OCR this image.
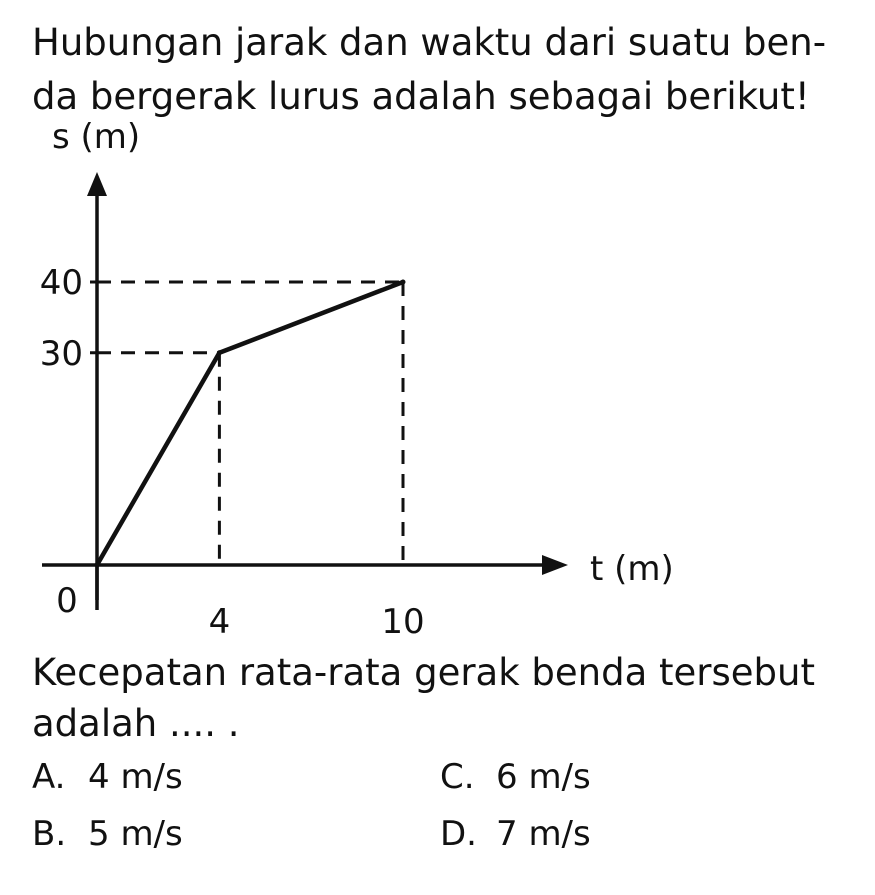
Hubungan jarak dan waktu dari suatu ben-
da bergerak lurus adalah sebagai berikut!
s (m)
t (m)
0
30
40
4	10
Kecepatan rata-rata gerak benda tersebut
adalah .... .
A. 4 m/s
B. 5 m/s
C. 6 m/s
D. 7 m/s
